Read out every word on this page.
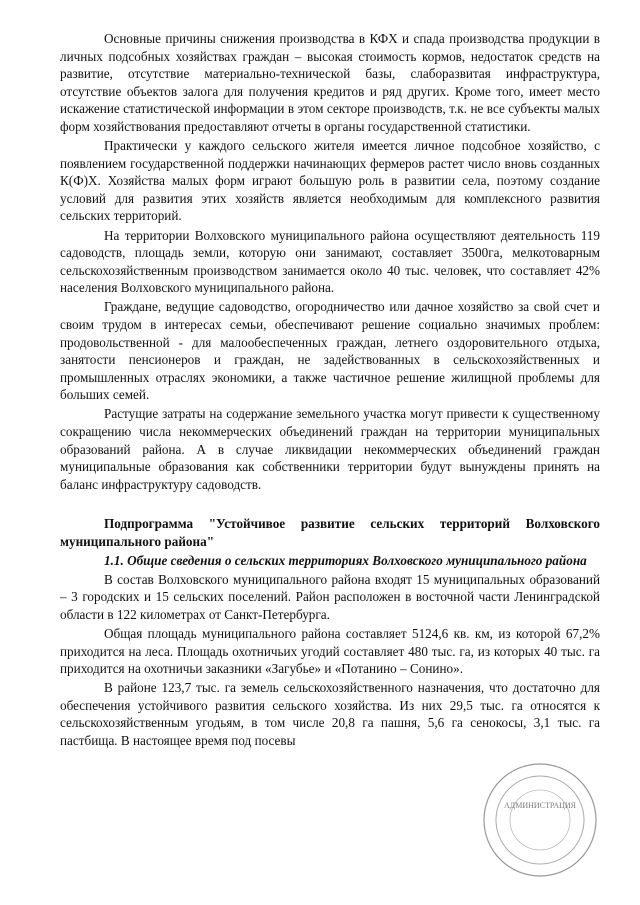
Основные причины снижения производства в КФХ и спада производства продукции в личных подсобных хозяйствах граждан – высокая стоимость кормов, недостаток средств на развитие, отсутствие материально-технической базы, слаборазвитая инфраструктура, отсутствие объектов залога для получения кредитов и ряд других. Кроме того, имеет место искажение статистической информации в этом секторе производств, т.к. не все субъекты малых форм хозяйствования предоставляют отчеты в органы государственной статистики.

Практически у каждого сельского жителя имеется личное подсобное хозяйство, с появлением государственной поддержки начинающих фермеров растет число вновь созданных К(Ф)Х. Хозяйства малых форм играют большую роль в развитии села, поэтому создание условий для развития этих хозяйств является необходимым для комплексного развития сельских территорий.

На территории Волховского муниципального района осуществляют деятельность 119 садоводств, площадь земли, которую они занимают, составляет 3500га, мелкотоварным сельскохозяйственным производством занимается около 40 тыс. человек, что составляет 42% населения Волховского муниципального района.

Граждане, ведущие садоводство, огородничество или дачное хозяйство за свой счет и своим трудом в интересах семьи, обеспечивают решение социально значимых проблем: продовольственной - для малообеспеченных граждан, летнего оздоровительного отдыха, занятости пенсионеров и граждан, не задействованных в сельскохозяйственных и промышленных отраслях экономики, а также частичное решение жилищной проблемы для больших семей.

Растущие затраты на содержание земельного участка могут привести к существенному сокращению числа некоммерческих объединений граждан на территории муниципальных образований района. А в случае ликвидации некоммерческих объединений граждан муниципальные образования как собственники территории будут вынуждены принять на баланс инфраструктуру садоводств.

Подпрограмма "Устойчивое развитие сельских территорий Волховского муниципального района"

1.1. Общие сведения о сельских территориях Волховского муниципального района

В состав Волховского муниципального района входят 15 муниципальных образований – 3 городских и 15 сельских поселений. Район расположен в восточной части Ленинградской области в 122 километрах от Санкт-Петербурга.

Общая площадь муниципального района составляет 5124,6 кв. км, из которой 67,2% приходится на леса. Площадь охотничьих угодий составляет 480 тыс. га, из которых 40 тыс. га приходится на охотничьи заказники «Загубье» и «Потанино – Сонино».

В районе 123,7 тыс. га земель сельскохозяйственного назначения, что достаточно для обеспечения устойчивого развития сельского хозяйства. Из них 29,5 тыс. га относятся к сельскохозяйственным угодьям, в том числе 20,8 га пашня, 5,6 га сенокосы, 3,1 тыс. га пастбища. В настоящее время под посевы

АДМИНИСТРАЦИЯ
